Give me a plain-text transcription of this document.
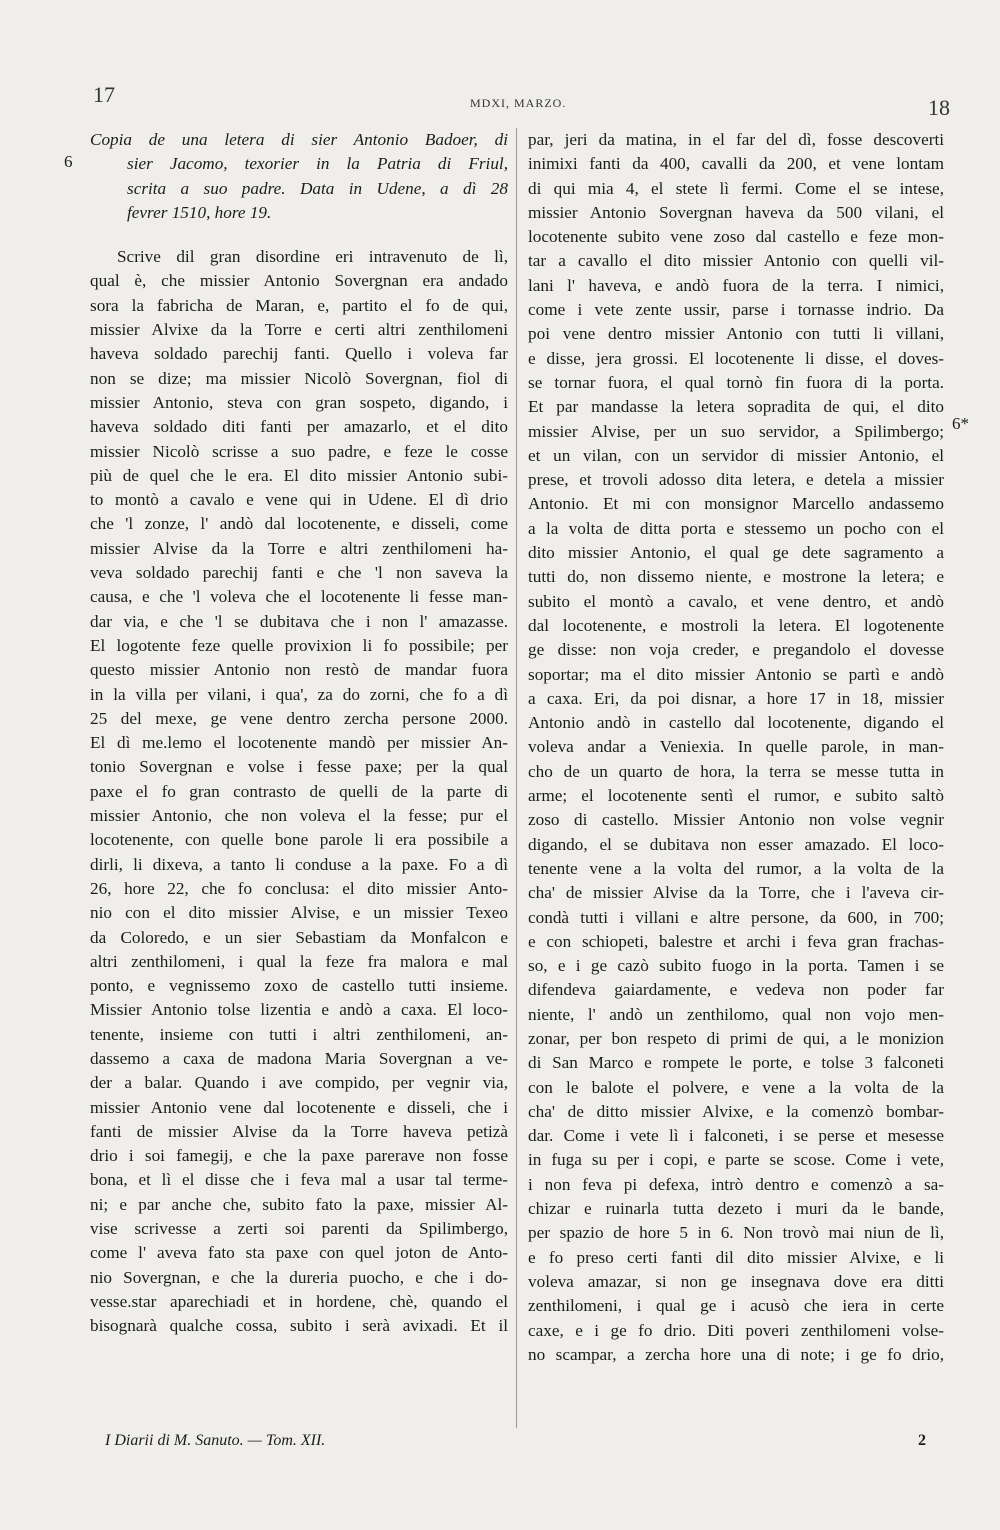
17	MDXI, MARZO.	18
6
6*
Copia de una letera di sier Antonio Badoer, di
sier Jacomo, texorier in la Patria di Friul,
scrita a suo padre. Data in Udene, a dì 28
fevrer 1510, hore 19.
Scrive dil gran disordine eri intravenuto de lì,
qual è, che missier Antonio Sovergnan era andado
sora la fabricha de Maran, e, partito el fo de qui,
missier Alvixe da la Torre e certi altri zenthilomeni
haveva soldado parechij fanti. Quello i voleva far
non se dize; ma missier Nicolò Sovergnan, fiol di
missier Antonio, steva con gran sospeto, digando, i
haveva soldado diti fanti per amazarlo, et el dito
missier Nicolò scrisse a suo padre, e feze le cosse
più de quel che le era. El dito missier Antonio subi-
to montò a cavalo e vene qui in Udene. El dì drio
che 'l zonze, l' andò dal locotenente, e disseli, come
missier Alvise da la Torre e altri zenthilomeni ha-
veva soldado parechij fanti e che 'l non saveva la
causa, e che 'l voleva che el locotenente li fesse man-
dar via, e che 'l se dubitava che i non l' amazasse.
El logotente feze quelle provixion li fo possibile; per
questo missier Antonio non restò de mandar fuora
in la villa per vilani, i qua', za do zorni, che fo a dì
25 del mexe, ge vene dentro zercha persone 2000.
El dì me.lemo el locotenente mandò per missier An-
tonio Sovergnan e volse i fesse paxe; per la qual
paxe el fo gran contrasto de quelli de la parte di
missier Antonio, che non voleva el la fesse; pur el
locotenente, con quelle bone parole li era possibile a
dirli, li dixeva, a tanto li conduse a la paxe. Fo a dì
26, hore 22, che fo conclusa: el dito missier Anto-
nio con el dito missier Alvise, e un missier Texeo
da Coloredo, e un sier Sebastiam da Monfalcon e
altri zenthilomeni, i qual la feze fra malora e mal
ponto, e vegnissemo zoxo de castello tutti insieme.
Missier Antonio tolse lizentia e andò a caxa. El loco-
tenente, insieme con tutti i altri zenthilomeni, an-
dassemo a caxa de madona Maria Sovergnan a ve-
der a balar. Quando i ave compido, per vegnir via,
missier Antonio vene dal locotenente e disseli, che i
fanti de missier Alvise da la Torre haveva petizà
drio i soi famegij, e che la paxe parerave non fosse
bona, et lì el disse che i feva mal a usar tal terme-
ni; e par anche che, subito fato la paxe, missier Al-
vise scrivesse a zerti soi parenti da Spilimbergo,
come l' aveva fato sta paxe con quel joton de Anto-
nio Sovergnan, e che la dureria puocho, e che i do-
vesse.star aparechiadi et in hordene, chè, quando el
bisognarà qualche cossa, subito i serà avixadi. Et il
par, jeri da matina, in el far del dì, fosse descoverti
inimixi fanti da 400, cavalli da 200, et vene lontam
di qui mia 4, el stete lì fermi. Come el se intese,
missier Antonio Sovergnan haveva da 500 vilani, el
locotenente subito vene zoso dal castello e feze mon-
tar a cavallo el dito missier Antonio con quelli vil-
lani l' haveva, e andò fuora de la terra. I nimici,
come i vete zente ussir, parse i tornasse indrio. Da
poi vene dentro missier Antonio con tutti li villani,
e disse, jera grossi. El locotenente li disse, el doves-
se tornar fuora, el qual tornò fin fuora di la porta.
Et par mandasse la letera sopradita de qui, el dito
missier Alvise, per un suo servidor, a Spilimbergo;
et un vilan, con un servidor di missier Antonio, el
prese, et trovoli adosso dita letera, e detela a missier
Antonio. Et mi con monsignor Marcello andassemo
a la volta de ditta porta e stessemo un pocho con el
dito missier Antonio, el qual ge dete sagramento a
tutti do, non dissemo niente, e mostrone la letera; e
subito el montò a cavalo, et vene dentro, et andò
dal locotenente, e mostroli la letera. El logotenente
ge disse: non voja creder, e pregandolo el dovesse
soportar; ma el dito missier Antonio se partì e andò
a caxa. Eri, da poi disnar, a hore 17 in 18, missier
Antonio andò in castello dal locotenente, digando el
voleva andar a Veniexia. In quelle parole, in man-
cho de un quarto de hora, la terra se messe tutta in
arme; el locotenente sentì el rumor, e subito saltò
zoso di castello. Missier Antonio non volse vegnir
digando, el se dubitava non esser amazado. El loco-
tenente vene a la volta del rumor, a la volta de la
cha' de missier Alvise da la Torre, che i l'aveva cir-
condà tutti i villani e altre persone, da 600, in 700;
e con schiopeti, balestre et archi i feva gran frachas-
so, e i ge cazò subito fuogo in la porta. Tamen i se
difendeva gaiardamente, e vedeva non poder far
niente, l' andò un zenthilomo, qual non vojo men-
zonar, per bon respeto di primi de qui, a le monizion
di San Marco e rompete le porte, e tolse 3 falconeti
con le balote el polvere, e vene a la volta de la
cha' de ditto missier Alvixe, e la comenzò bombar-
dar. Come i vete lì i falconeti, i se perse et mesesse
in fuga su per i copi, e parte se scose. Come i vete,
i non feva pi defexa, intrò dentro e comenzò a sa-
chizar e ruinarla tutta dezeto i muri da le bande,
per spazio de hore 5 in 6. Non trovò mai niun de lì,
e fo preso certi fanti dil dito missier Alvixe, e li
voleva amazar, si non ge insegnava dove era ditti
zenthilomeni, i qual ge i acusò che iera in certe
caxe, e i ge fo drio. Diti poveri zenthilomeni volse-
no scampar, a zercha hore una di note; i ge fo drio,
I Diarii di M. Sanuto. — Tom. XII.	2
